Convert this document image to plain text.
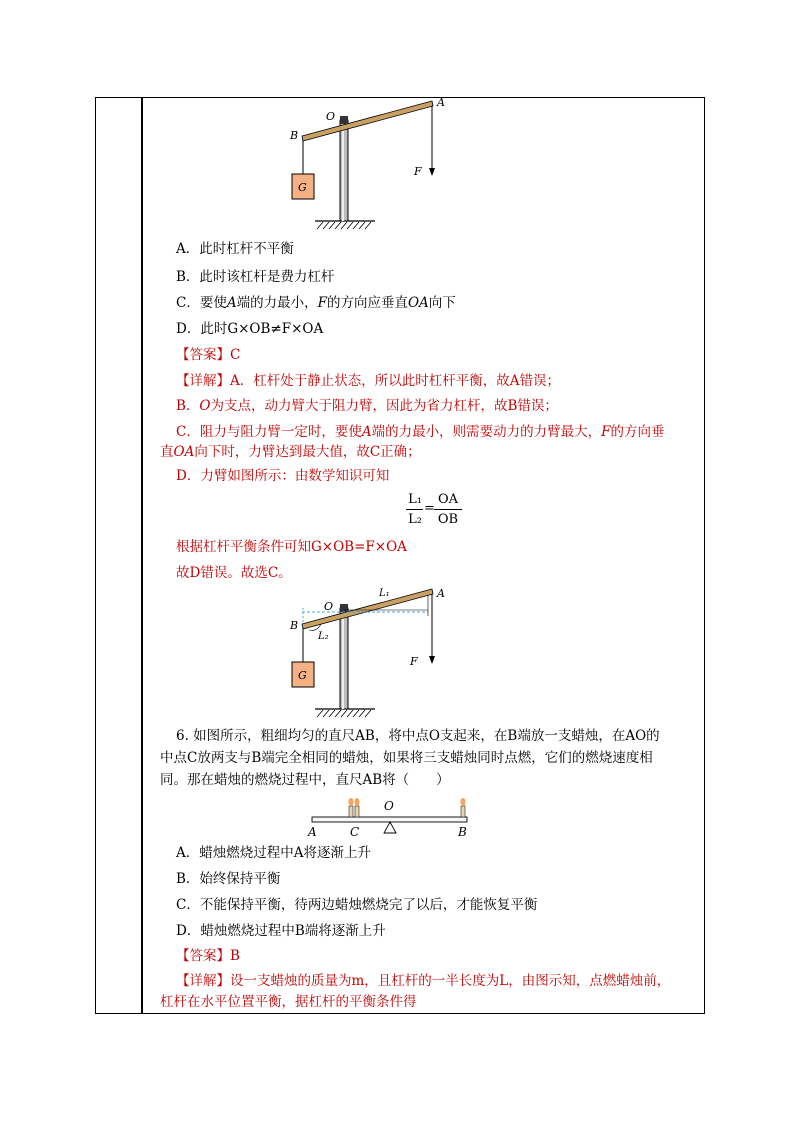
B
O
A
F
G
A．此时杠杆不平衡
B．此时该杠杆是费力杠杆
C．要使A端的力最小，F的方向应垂直OA向下
D．此时G×OB≠F×OA
【答案】C
【详解】A．杠杆处于静止状态，所以此时杠杆平衡，故A错误；
B．O为支点，动力臂大于阻力臂，因此为省力杠杆，故B错误；
C．阻力与阻力臂一定时，要使A端的力最小，则需要动力的力臂最大，F的方向垂
直OA向下时，力臂达到最大值，故C正确；
D．力臂如图所示：由数学知识可知
L₁
L₂
=
OA
OB
根据杠杆平衡条件可知G×OB=F×OA
故D错误。故选C。
B
O
A
L₁
L₂
F
G
6. 如图所示，粗细均匀的直尺AB，将中点O支起来，在B端放一支蜡烛，在AO的
中点C放两支与B端完全相同的蜡烛，如果将三支蜡烛同时点燃，它们的燃烧速度相
同。那在蜡烛的燃烧过程中，直尺AB将（　　）
O
A	C	B
A．蜡烛燃烧过程中A将逐渐上升
B．始终保持平衡
C．不能保持平衡，待两边蜡烛燃烧完了以后，才能恢复平衡
D．蜡烛燃烧过程中B端将逐渐上升
【答案】B
【详解】设一支蜡烛的质量为m，且杠杆的一半长度为L，由图示知，点燃蜡烛前，
杠杆在水平位置平衡，据杠杆的平衡条件得
